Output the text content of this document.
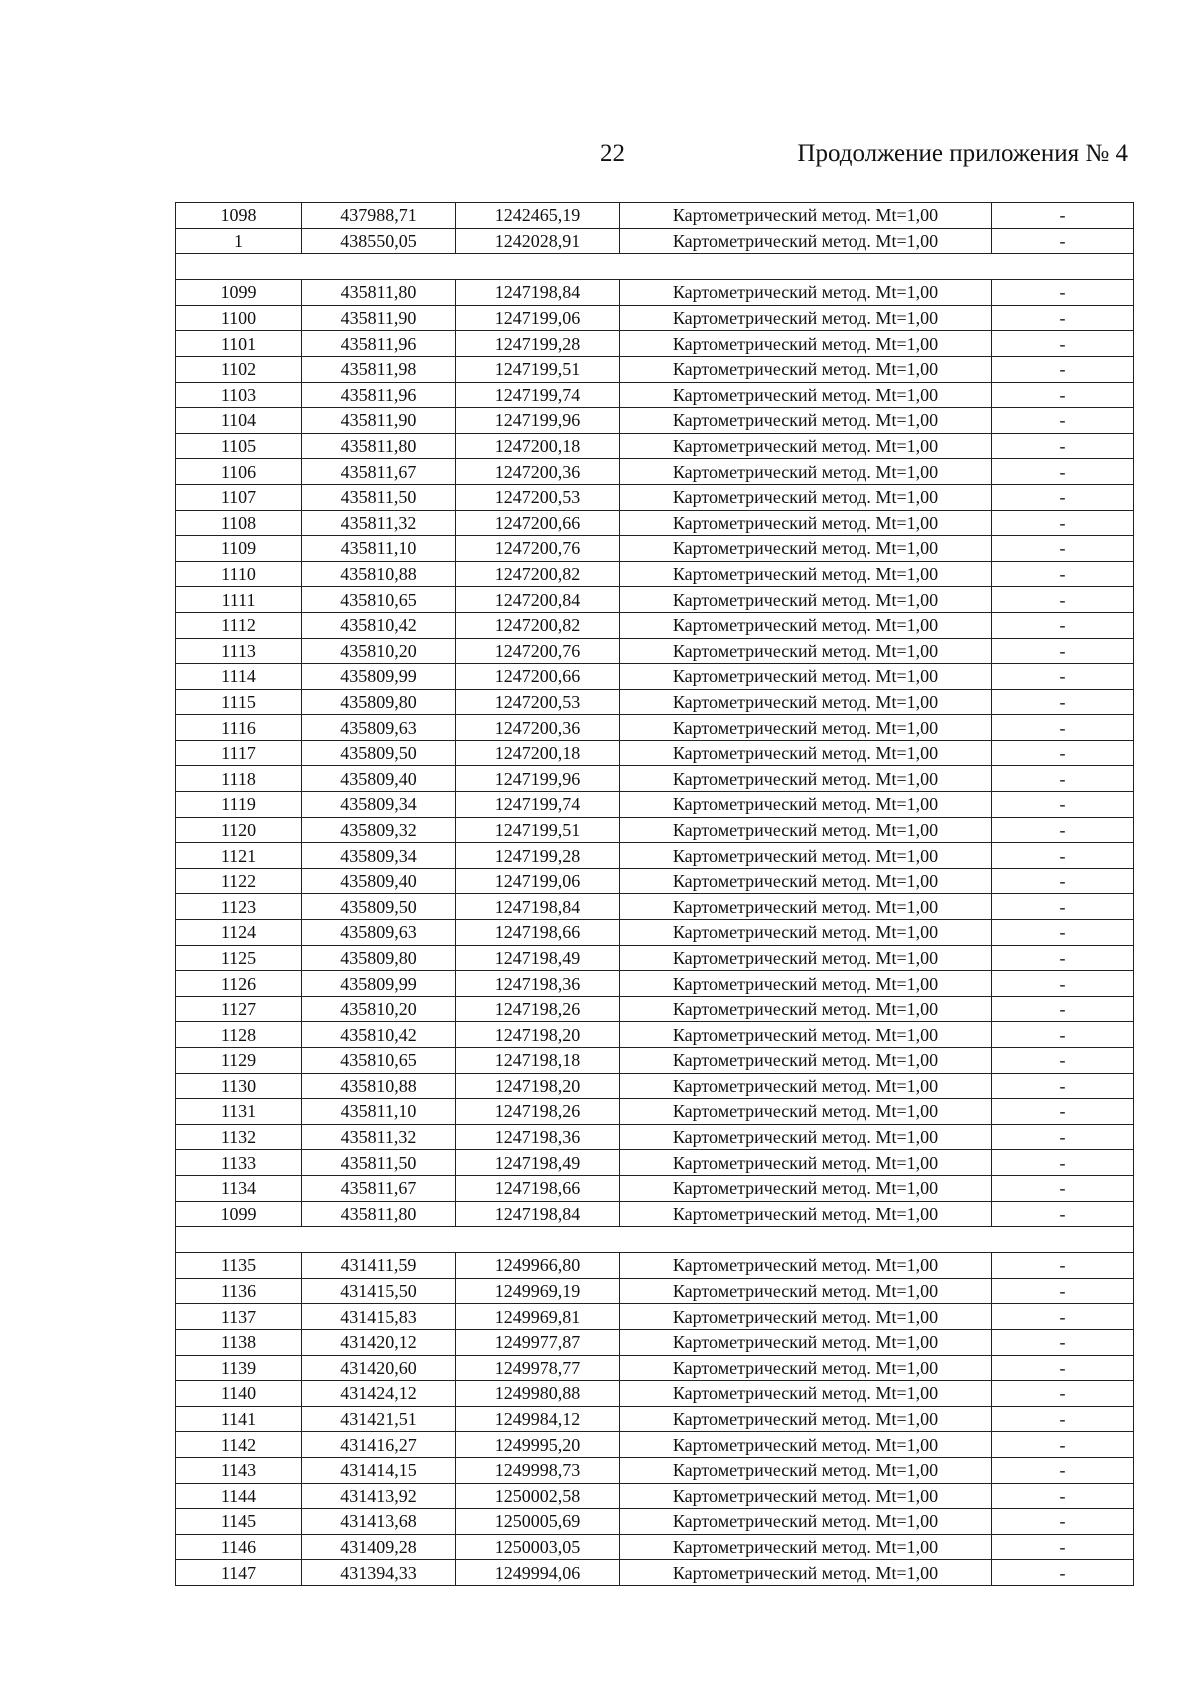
22	Продолжение приложения № 4
1098	437988,71	1242465,19	Картометрический метод. Mt=1,00	-
1	438550,05	1242028,91	Картометрический метод. Mt=1,00	-

1099	435811,80	1247198,84	Картометрический метод. Mt=1,00	-
1100	435811,90	1247199,06	Картометрический метод. Mt=1,00	-
1101	435811,96	1247199,28	Картометрический метод. Mt=1,00	-
1102	435811,98	1247199,51	Картометрический метод. Mt=1,00	-
1103	435811,96	1247199,74	Картометрический метод. Mt=1,00	-
1104	435811,90	1247199,96	Картометрический метод. Mt=1,00	-
1105	435811,80	1247200,18	Картометрический метод. Mt=1,00	-
1106	435811,67	1247200,36	Картометрический метод. Mt=1,00	-
1107	435811,50	1247200,53	Картометрический метод. Mt=1,00	-
1108	435811,32	1247200,66	Картометрический метод. Mt=1,00	-
1109	435811,10	1247200,76	Картометрический метод. Mt=1,00	-
1110	435810,88	1247200,82	Картометрический метод. Mt=1,00	-
1111	435810,65	1247200,84	Картометрический метод. Mt=1,00	-
1112	435810,42	1247200,82	Картометрический метод. Mt=1,00	-
1113	435810,20	1247200,76	Картометрический метод. Mt=1,00	-
1114	435809,99	1247200,66	Картометрический метод. Mt=1,00	-
1115	435809,80	1247200,53	Картометрический метод. Mt=1,00	-
1116	435809,63	1247200,36	Картометрический метод. Mt=1,00	-
1117	435809,50	1247200,18	Картометрический метод. Mt=1,00	-
1118	435809,40	1247199,96	Картометрический метод. Mt=1,00	-
1119	435809,34	1247199,74	Картометрический метод. Mt=1,00	-
1120	435809,32	1247199,51	Картометрический метод. Mt=1,00	-
1121	435809,34	1247199,28	Картометрический метод. Mt=1,00	-
1122	435809,40	1247199,06	Картометрический метод. Mt=1,00	-
1123	435809,50	1247198,84	Картометрический метод. Mt=1,00	-
1124	435809,63	1247198,66	Картометрический метод. Mt=1,00	-
1125	435809,80	1247198,49	Картометрический метод. Mt=1,00	-
1126	435809,99	1247198,36	Картометрический метод. Mt=1,00	-
1127	435810,20	1247198,26	Картометрический метод. Mt=1,00	-
1128	435810,42	1247198,20	Картометрический метод. Mt=1,00	-
1129	435810,65	1247198,18	Картометрический метод. Mt=1,00	-
1130	435810,88	1247198,20	Картометрический метод. Mt=1,00	-
1131	435811,10	1247198,26	Картометрический метод. Mt=1,00	-
1132	435811,32	1247198,36	Картометрический метод. Mt=1,00	-
1133	435811,50	1247198,49	Картометрический метод. Mt=1,00	-
1134	435811,67	1247198,66	Картометрический метод. Mt=1,00	-
1099	435811,80	1247198,84	Картометрический метод. Mt=1,00	-

1135	431411,59	1249966,80	Картометрический метод. Mt=1,00	-
1136	431415,50	1249969,19	Картометрический метод. Mt=1,00	-
1137	431415,83	1249969,81	Картометрический метод. Mt=1,00	-
1138	431420,12	1249977,87	Картометрический метод. Mt=1,00	-
1139	431420,60	1249978,77	Картометрический метод. Mt=1,00	-
1140	431424,12	1249980,88	Картометрический метод. Mt=1,00	-
1141	431421,51	1249984,12	Картометрический метод. Mt=1,00	-
1142	431416,27	1249995,20	Картометрический метод. Mt=1,00	-
1143	431414,15	1249998,73	Картометрический метод. Mt=1,00	-
1144	431413,92	1250002,58	Картометрический метод. Mt=1,00	-
1145	431413,68	1250005,69	Картометрический метод. Mt=1,00	-
1146	431409,28	1250003,05	Картометрический метод. Mt=1,00	-
1147	431394,33	1249994,06	Картометрический метод. Mt=1,00	-
